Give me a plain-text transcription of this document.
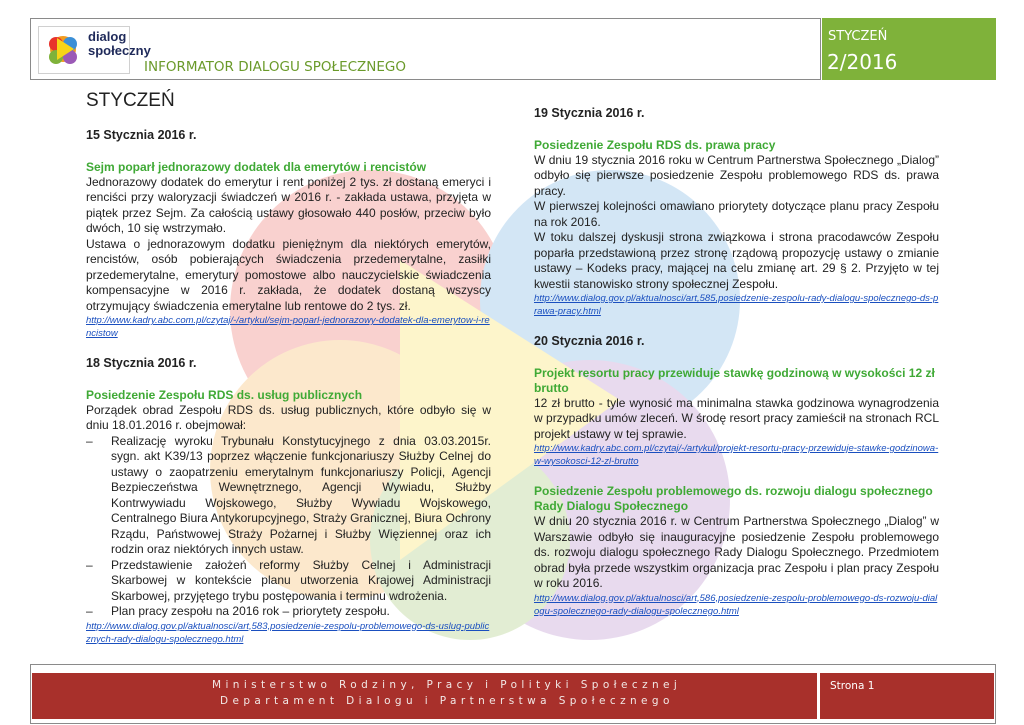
dialog
społeczny
INFORMATOR DIALOGU SPOŁECZNEGO
STYCZEŃ
2/2016
STYCZEŃ
15 Stycznia 2016 r.
Sejm poparł jednorazowy dodatek dla emerytów i rencistów
Jednorazowy dodatek do emerytur i rent poniżej 2 tys. zł dostaną emeryci i renciści przy waloryzacji świadczeń w 2016 r. - zakłada ustawa, przyjęta w piątek przez Sejm. Za całością ustawy głosowało 440 posłów, przeciw było dwóch, 10 się wstrzymało.
Ustawa o jednorazowym dodatku pieniężnym dla niektórych emerytów, rencistów, osób pobierających świadczenia przedemerytalne, zasiłki przedemerytalne, emerytury pomostowe albo nauczycielskie świadczenia kompensacyjne w 2016 r. zakłada, że dodatek dostaną wszyscy otrzymujący świadczenia emerytalne lub rentowe do 2 tys. zł.
http://www.kadry.abc.com.pl/czytaj/-/artykul/sejm-poparl-jednorazowy-dodatek-dla-emerytow-i-rencistow
18 Stycznia 2016 r.
Posiedzenie Zespołu RDS ds. usług publicznych
Porządek obrad Zespołu RDS ds. usług publicznych, które odbyło się w dniu 18.01.2016 r. obejmował:
– Realizację wyroku Trybunału Konstytucyjnego z dnia 03.03.2015r. sygn. akt K39/13 poprzez włączenie funkcjonariuszy Służby Celnej do ustawy o zaopatrzeniu emerytalnym funkcjonariuszy Policji, Agencji Bezpieczeństwa Wewnętrznego, Agencji Wywiadu, Służby Kontrwywiadu Wojskowego, Służby Wywiadu Wojskowego, Centralnego Biura Antykorupcyjnego, Straży Granicznej, Biura Ochrony Rządu, Państwowej Straży Pożarnej i Służby Więziennej oraz ich rodzin oraz niektórych innych ustaw.
– Przedstawienie założeń reformy Służby Celnej i Administracji Skarbowej w kontekście planu utworzenia Krajowej Administracji Skarbowej, przyjętego trybu postępowania i terminu wdrożenia.
– Plan pracy zespołu na 2016 rok – priorytety zespołu.
http://www.dialog.gov.pl/aktualnosci/art,583,posiedzenie-zespolu-problemowego-ds-uslug-publicznych-rady-dialogu-spolecznego.html
19 Stycznia 2016 r.
Posiedzenie Zespołu RDS ds. prawa pracy
W dniu 19 stycznia 2016 roku w Centrum Partnerstwa Społecznego „Dialog” odbyło się pierwsze posiedzenie Zespołu problemowego RDS ds. prawa pracy.
W pierwszej kolejności omawiano priorytety dotyczące planu pracy Zespołu na rok 2016.
W toku dalszej dyskusji strona związkowa i strona pracodawców Zespołu poparła przedstawioną przez stronę rządową propozycję ustawy o zmianie ustawy – Kodeks pracy, mającej na celu zmianę art. 29 § 2. Przyjęto w tej kwestii stanowisko strony społecznej Zespołu.
http://www.dialog.gov.pl/aktualnosci/art,585,posiedzenie-zespolu-rady-dialogu-spolecznego-ds-prawa-pracy.html
20 Stycznia 2016 r.
Projekt resortu pracy przewiduje stawkę godzinową w wysokości 12 zł brutto
12 zł brutto - tyle wynosić ma minimalna stawka godzinowa wynagrodzenia w przypadku umów zleceń. W środę resort pracy zamieścił na stronach RCL projekt ustawy w tej sprawie.
http://www.kadry.abc.com.pl/czytaj/-/artykul/projekt-resortu-pracy-przewiduje-stawke-godzinowa-w-wysokosci-12-zl-brutto
Posiedzenie Zespołu problemowego ds. rozwoju dialogu społecznego Rady Dialogu Społecznego
W dniu 20 stycznia 2016 r. w Centrum Partnerstwa Społecznego „Dialog” w Warszawie odbyło się inauguracyjne posiedzenie Zespołu problemowego ds. rozwoju dialogu społecznego Rady Dialogu Społecznego. Przedmiotem obrad była przede wszystkim organizacja prac Zespołu i plan pracy Zespołu w roku 2016.
http://www.dialog.gov.pl/aktualnosci/art,586,posiedzenie-zespolu-problemowego-ds-rozwoju-dialogu-spolecznego-rady-dialogu-spolecznego.html
Ministerstwo Rodziny, Pracy i Polityki Społecznej
Departament Dialogu i Partnerstwa Społecznego
Strona 1
